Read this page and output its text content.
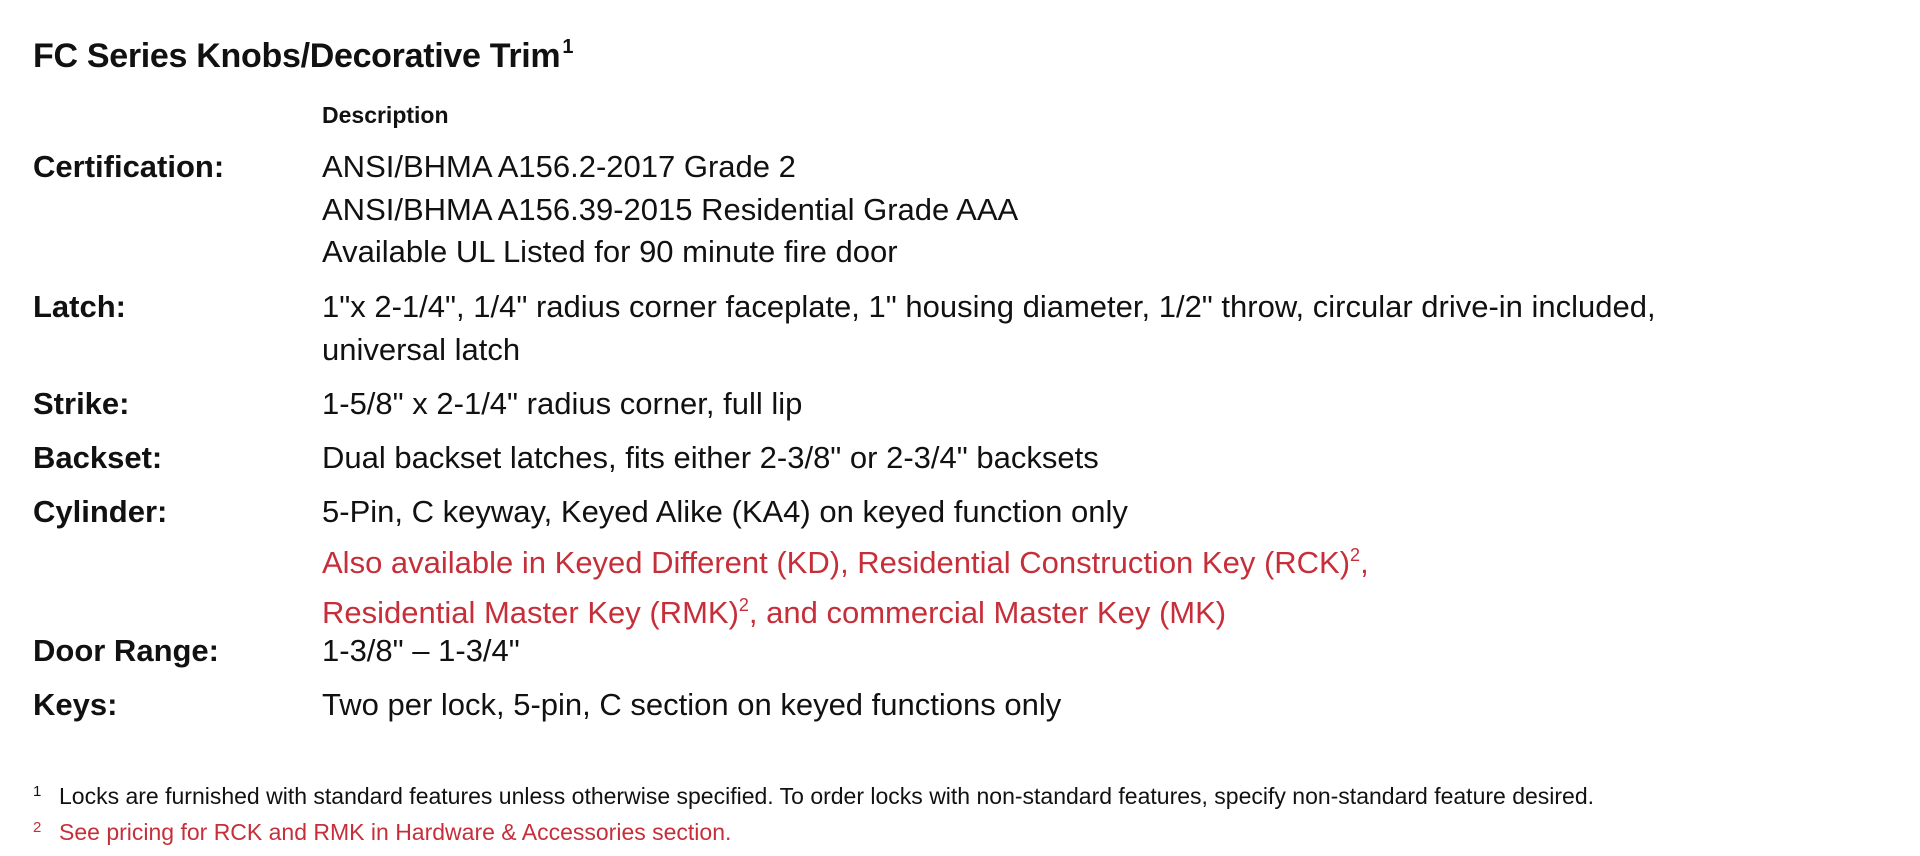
FC Series Knobs/Decorative Trim $^1$
Description
Certification:	ANSI/BHMA A156.2-2017 Grade 2
ANSI/BHMA A156.39-2015 Residential Grade AAA
Available UL Listed for 90 minute fire door
Latch:	1"x 2-1/4", 1/4" radius corner faceplate, 1" housing diameter, 1/2" throw, circular drive-in included,
universal latch
Strike:	1-5/8" x 2-1/4" radius corner, full lip
Backset:	Dual backset latches, fits either 2-3/8" or 2-3/4" backsets
Cylinder:	5-Pin, C keyway, Keyed Alike (KA4) on keyed function only
Also available in Keyed Different (KD), Residential Construction Key (RCK)$^2$,
Residential Master Key (RMK)$^2$, and commercial Master Key (MK)
Door Range:	1-3/8" – 1-3/4"
Keys:	Two per lock, 5-pin, C section on keyed functions only
1 Locks are furnished with standard features unless otherwise specified. To order locks with non-standard features, specify non-standard feature desired.
2 See pricing for RCK and RMK in Hardware & Accessories section.
